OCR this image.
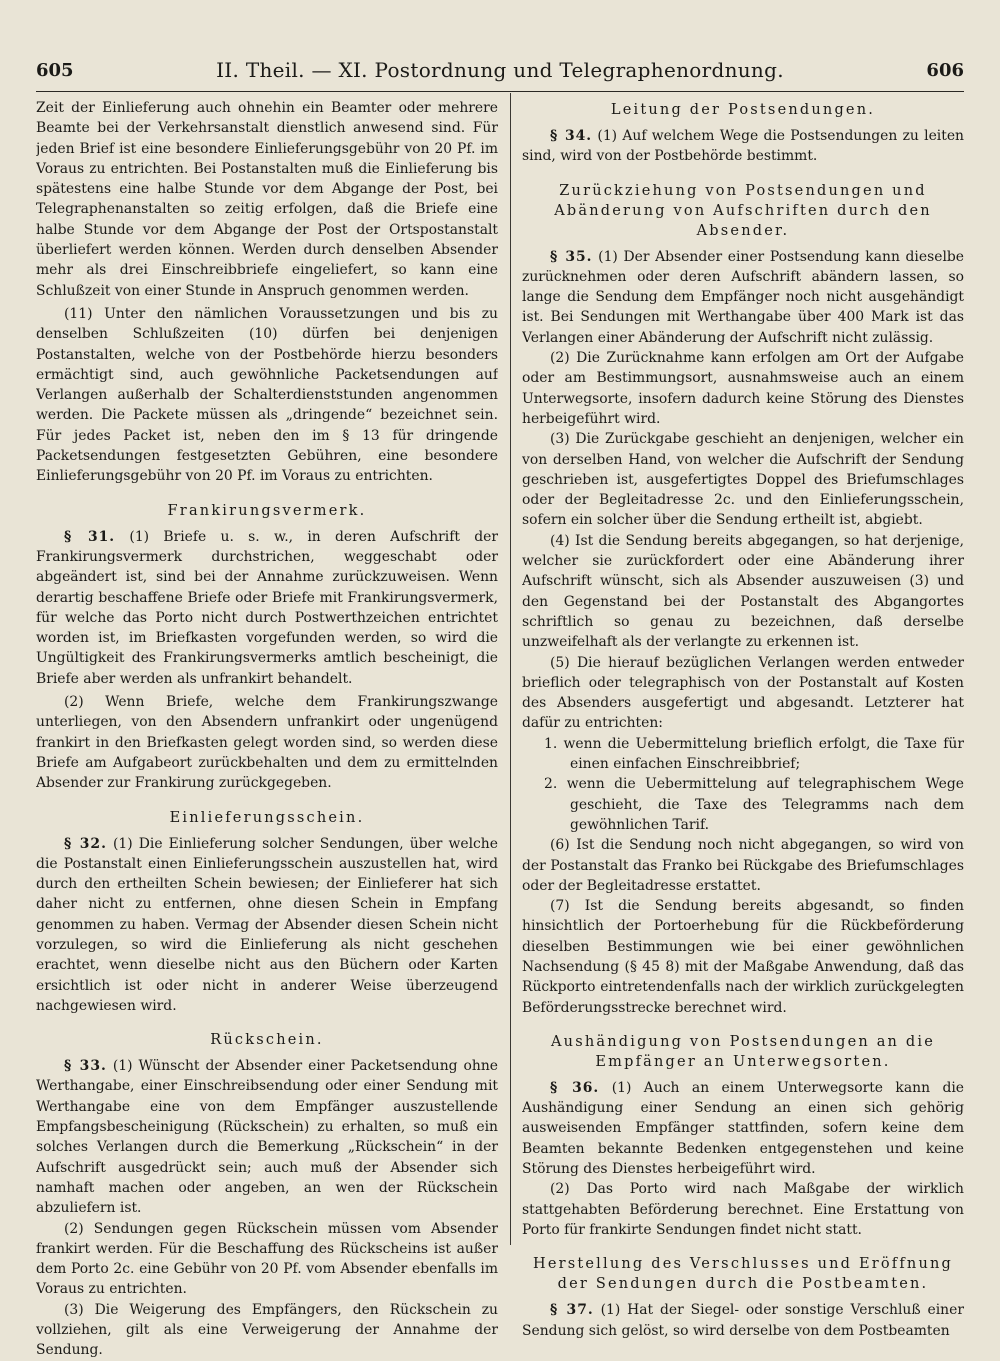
605	II. Theil. — XI. Postordnung und Telegraphenordnung.	606

Zeit der Einlieferung auch ohnehin ein Beamter oder mehrere Beamte bei der Verkehrsanstalt dienstlich anwesend sind. Für jeden Brief ist eine besondere Einlieferungsgebühr von 20 Pf. im Voraus zu entrichten. Bei Postanstalten muß die Einlieferung bis spätestens eine halbe Stunde vor dem Abgange der Post, bei Telegraphenanstalten so zeitig erfolgen, daß die Briefe eine halbe Stunde vor dem Abgange der Post der Ortspostanstalt überliefert werden können. Werden durch denselben Absender mehr als drei Einschreibbriefe eingeliefert, so kann eine Schlußzeit von einer Stunde in Anspruch genommen werden.

(11) Unter den nämlichen Voraussetzungen und bis zu denselben Schlußzeiten (10) dürfen bei denjenigen Postanstalten, welche von der Postbehörde hierzu besonders ermächtigt sind, auch gewöhnliche Packetsendungen auf Verlangen außerhalb der Schalterdienststunden angenommen werden. Die Packete müssen als „dringende“ bezeichnet sein. Für jedes Packet ist, neben den im § 13 für dringende Packetsendungen festgesetzten Gebühren, eine besondere Einlieferungsgebühr von 20 Pf. im Voraus zu entrichten.

Frankirungsvermerk.

§ 31. (1) Briefe u. s. w., in deren Aufschrift der Frankirungsvermerk durchstrichen, weggeschabt oder abgeändert ist, sind bei der Annahme zurückzuweisen. Wenn derartig beschaffene Briefe oder Briefe mit Frankirungsvermerk, für welche das Porto nicht durch Postwerthzeichen entrichtet worden ist, im Briefkasten vorgefunden werden, so wird die Ungültigkeit des Frankirungsvermerks amtlich bescheinigt, die Briefe aber werden als unfrankirt behandelt.

(2) Wenn Briefe, welche dem Frankirungszwange unterliegen, von den Absendern unfrankirt oder ungenügend frankirt in den Briefkasten gelegt worden sind, so werden diese Briefe am Aufgabeort zurückbehalten und dem zu ermittelnden Absender zur Frankirung zurückgegeben.

Einlieferungsschein.

§ 32. (1) Die Einlieferung solcher Sendungen, über welche die Postanstalt einen Einlieferungsschein auszustellen hat, wird durch den ertheilten Schein bewiesen; der Einlieferer hat sich daher nicht zu entfernen, ohne diesen Schein in Empfang genommen zu haben. Vermag der Absender diesen Schein nicht vorzulegen, so wird die Einlieferung als nicht geschehen erachtet, wenn dieselbe nicht aus den Büchern oder Karten ersichtlich ist oder nicht in anderer Weise überzeugend nachgewiesen wird.

Rückschein.

§ 33. (1) Wünscht der Absender einer Packetsendung ohne Werthangabe, einer Einschreibsendung oder einer Sendung mit Werthangabe eine von dem Empfänger auszustellende Empfangsbescheinigung (Rückschein) zu erhalten, so muß ein solches Verlangen durch die Bemerkung „Rückschein“ in der Aufschrift ausgedrückt sein; auch muß der Absender sich namhaft machen oder angeben, an wen der Rückschein abzuliefern ist.

(2) Sendungen gegen Rückschein müssen vom Absender frankirt werden. Für die Beschaffung des Rückscheins ist außer dem Porto 2c. eine Gebühr von 20 Pf. vom Absender ebenfalls im Voraus zu entrichten.

(3) Die Weigerung des Empfängers, den Rückschein zu vollziehen, gilt als eine Verweigerung der Annahme der Sendung.

Leitung der Postsendungen.

§ 34. (1) Auf welchem Wege die Postsendungen zu leiten sind, wird von der Postbehörde bestimmt.

Zurückziehung von Postsendungen und Abänderung von Aufschriften durch den Absender.

§ 35. (1) Der Absender einer Postsendung kann dieselbe zurücknehmen oder deren Aufschrift abändern lassen, so lange die Sendung dem Empfänger noch nicht ausgehändigt ist. Bei Sendungen mit Werthangabe über 400 Mark ist das Verlangen einer Abänderung der Aufschrift nicht zulässig.

(2) Die Zurücknahme kann erfolgen am Ort der Aufgabe oder am Bestimmungsort, ausnahmsweise auch an einem Unterwegsorte, insofern dadurch keine Störung des Dienstes herbeigeführt wird.

(3) Die Zurückgabe geschieht an denjenigen, welcher ein von derselben Hand, von welcher die Aufschrift der Sendung geschrieben ist, ausgefertigtes Doppel des Briefumschlages oder der Begleitadresse 2c. und den Einlieferungsschein, sofern ein solcher über die Sendung ertheilt ist, abgiebt.

(4) Ist die Sendung bereits abgegangen, so hat derjenige, welcher sie zurückfordert oder eine Abänderung ihrer Aufschrift wünscht, sich als Absender auszuweisen (3) und den Gegenstand bei der Postanstalt des Abgangortes schriftlich so genau zu bezeichnen, daß derselbe unzweifelhaft als der verlangte zu erkennen ist.

(5) Die hierauf bezüglichen Verlangen werden entweder brieflich oder telegraphisch von der Postanstalt auf Kosten des Absenders ausgefertigt und abgesandt. Letzterer hat dafür zu entrichten:

1. wenn die Uebermittelung brieflich erfolgt, die Taxe für einen einfachen Einschreibbrief;
2. wenn die Uebermittelung auf telegraphischem Wege geschieht, die Taxe des Telegramms nach dem gewöhnlichen Tarif.

(6) Ist die Sendung noch nicht abgegangen, so wird von der Postanstalt das Franko bei Rückgabe des Briefumschlages oder der Begleitadresse erstattet.

(7) Ist die Sendung bereits abgesandt, so finden hinsichtlich der Portoerhebung für die Rückbeförderung dieselben Bestimmungen wie bei einer gewöhnlichen Nachsendung (§ 45 8) mit der Maßgabe Anwendung, daß das Rückporto eintretendenfalls nach der wirklich zurückgelegten Beförderungsstrecke berechnet wird.

Aushändigung von Postsendungen an die Empfänger an Unterwegsorten.

§ 36. (1) Auch an einem Unterwegsorte kann die Aushändigung einer Sendung an einen sich gehörig ausweisenden Empfänger stattfinden, sofern keine dem Beamten bekannte Bedenken entgegenstehen und keine Störung des Dienstes herbeigeführt wird.

(2) Das Porto wird nach Maßgabe der wirklich stattgehabten Beförderung berechnet. Eine Erstattung von Porto für frankirte Sendungen findet nicht statt.

Herstellung des Verschlusses und Eröffnung der Sendungen durch die Postbeamten.

§ 37. (1) Hat der Siegel- oder sonstige Verschluß einer Sendung sich gelöst, so wird derselbe von dem Postbeamten
